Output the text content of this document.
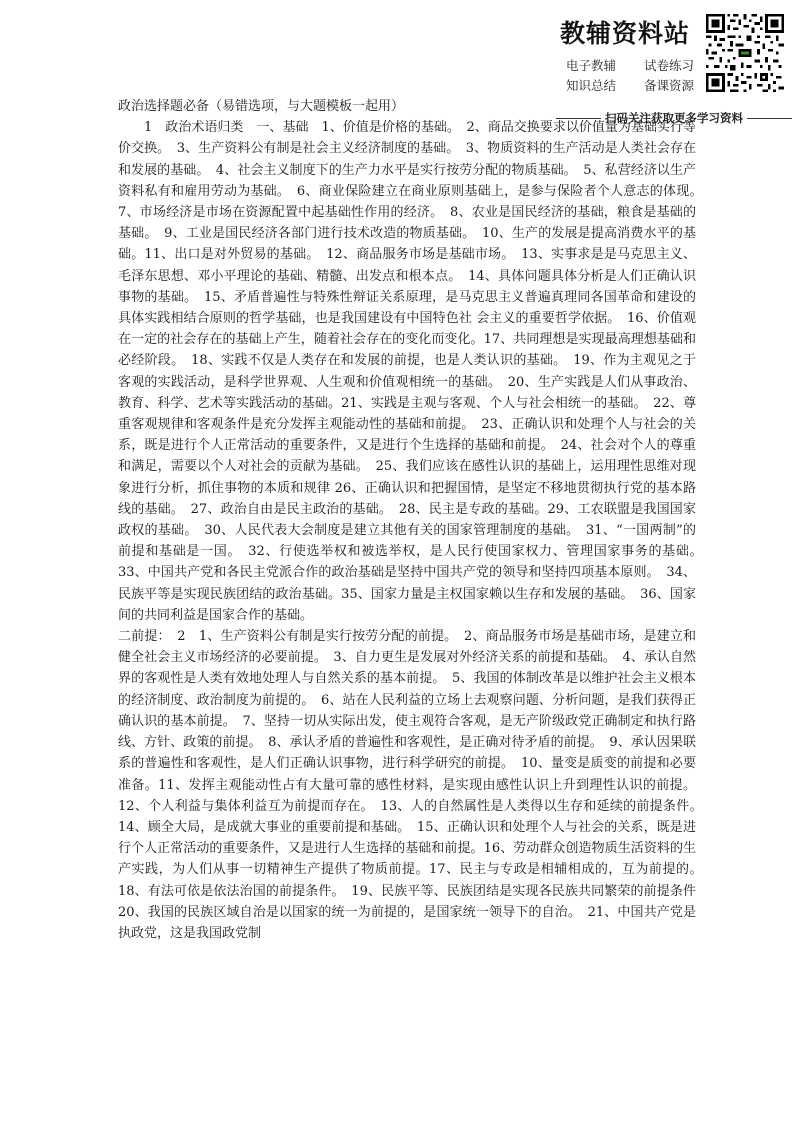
教辅资料站
电子教辅 试卷练习
知识总结 备课资源
扫码关注获取更多学习资料

政治选择题必备（易错选项，与大题模板一起用）

1　政治术语归类　一、基础　1、价值是价格的基础。　2、商品交换要求以价值量为基础实行等价交换。　3、生产资料公有制是社会主义经济制度的基础。　3、物质资料的生产活动是人类社会存在和发展的基础。　4、社会主义制度下的生产力水平是实行按劳分配的物质基础。　5、私营经济以生产资料私有和雇用劳动为基础。　6、商业保险建立在商业原则基础上，是参与保险者个人意志的体现。　7、市场经济是市场在资源配置中起基础性作用的经济。　8、农业是国民经济的基础，粮食是基础的基础。　9、工业是国民经济各部门进行技术改造的物质基础。　10、生产的发展是提高消费水平的基础。11、出口是对外贸易的基础。　12、商品服务市场是基础市场。　13、实事求是是马克思主义、毛泽东思想、邓小平理论的基础、精髓、出发点和根本点。　14、具体问题具体分析是人们正确认识事物的基础。　15、矛盾普遍性与特殊性辩证关系原理，是马克思主义普遍真理同各国革命和建设的具体实践相结合原则的哲学基础，也是我国建设有中国特色社 会主义的重要哲学依据。　16、价值观在一定的社会存在的基础上产生，随着社会存在的变化而变化。17、共同理想是实现最高理想基础和必经阶段。　18、实践不仅是人类存在和发展的前提，也是人类认识的基础。　19、作为主观见之于客观的实践活动，是科学世界观、人生观和价值观相统一的基础。　20、生产实践是人们从事政治、教育、科学、艺术等实践活动的基础。21、实践是主观与客观、个人与社会相统一的基础。　22、尊重客观规律和客观条件是充分发挥主观能动性的基础和前提。　23、正确认识和处理个人与社会的关系，既是进行个人正常活动的重要条件，又是进行个生选择的基础和前提。　24、社会对个人的尊重和满足，需要以个人对社会的贡献为基础。　25、我们应该在感性认识的基础上，运用理性思维对现象进行分析，抓住事物的本质和规律 26、正确认识和把握国情，是坚定不移地贯彻执行党的基本路线的基础。　27、政治自由是民主政治的基础。　28、民主是专政的基础。29、工农联盟是我国国家政权的基础。　30、人民代表大会制度是建立其他有关的国家管理制度的基础。　31、“一国两制”的前提和基础是一国。　32、行使选举权和被选举权，是人民行使国家权力、管理国家事务的基础。　33、中国共产党和各民主党派合作的政治基础是坚持中国共产党的领导和坚持四项基本原则。　34、民族平等是实现民族团结的政治基础。35、国家力量是主权国家赖以生存和发展的基础。　36、国家间的共同利益是国家合作的基础。

二前提：　2　1、生产资料公有制是实行按劳分配的前提。　2、商品服务市场是基础市场，是建立和健全社会主义市场经济的必要前提。　3、自力更生是发展对外经济关系的前提和基础。　4、承认自然界的客观性是人类有效地处理人与自然关系的基本前提。　5、我国的体制改革是以维护社会主义根本的经济制度、政治制度为前提的。　6、站在人民利益的立场上去观察问题、分析问题，是我们获得正确认识的基本前提。　7、坚持一切从实际出发，使主观符合客观，是无产阶级政党正确制定和执行路线、方针、政策的前提。　8、承认矛盾的普遍性和客观性，是正确对待矛盾的前提。　9、承认因果联系的普遍性和客观性，是人们正确认识事物，进行科学研究的前提。　10、量变是质变的前提和必要准备。11、发挥主观能动性占有大量可靠的感性材料，是实现由感性认识上升到理性认识的前提。12、个人利益与集体利益互为前提而存在。　13、人的自然属性是人类得以生存和延续的前提条件。　14、顾全大局，是成就大事业的重要前提和基础。　15、正确认识和处理个人与社会的关系，既是进行个人正常活动的重要条件，又是进行人生选择的基础和前提。16、劳动群众创造物质生活资料的生产实践，为人们从事一切精神生产提供了物质前提。17、民主与专政是相辅相成的，互为前提的。　18、有法可依是依法治国的前提条件。　19、民族平等、民族团结是实现各民族共同繁荣的前提条件 20、我国的民族区域自治是以国家的统一为前提的，是国家统一领导下的自治。　21、中国共产党是执政党，这是我国政党制
